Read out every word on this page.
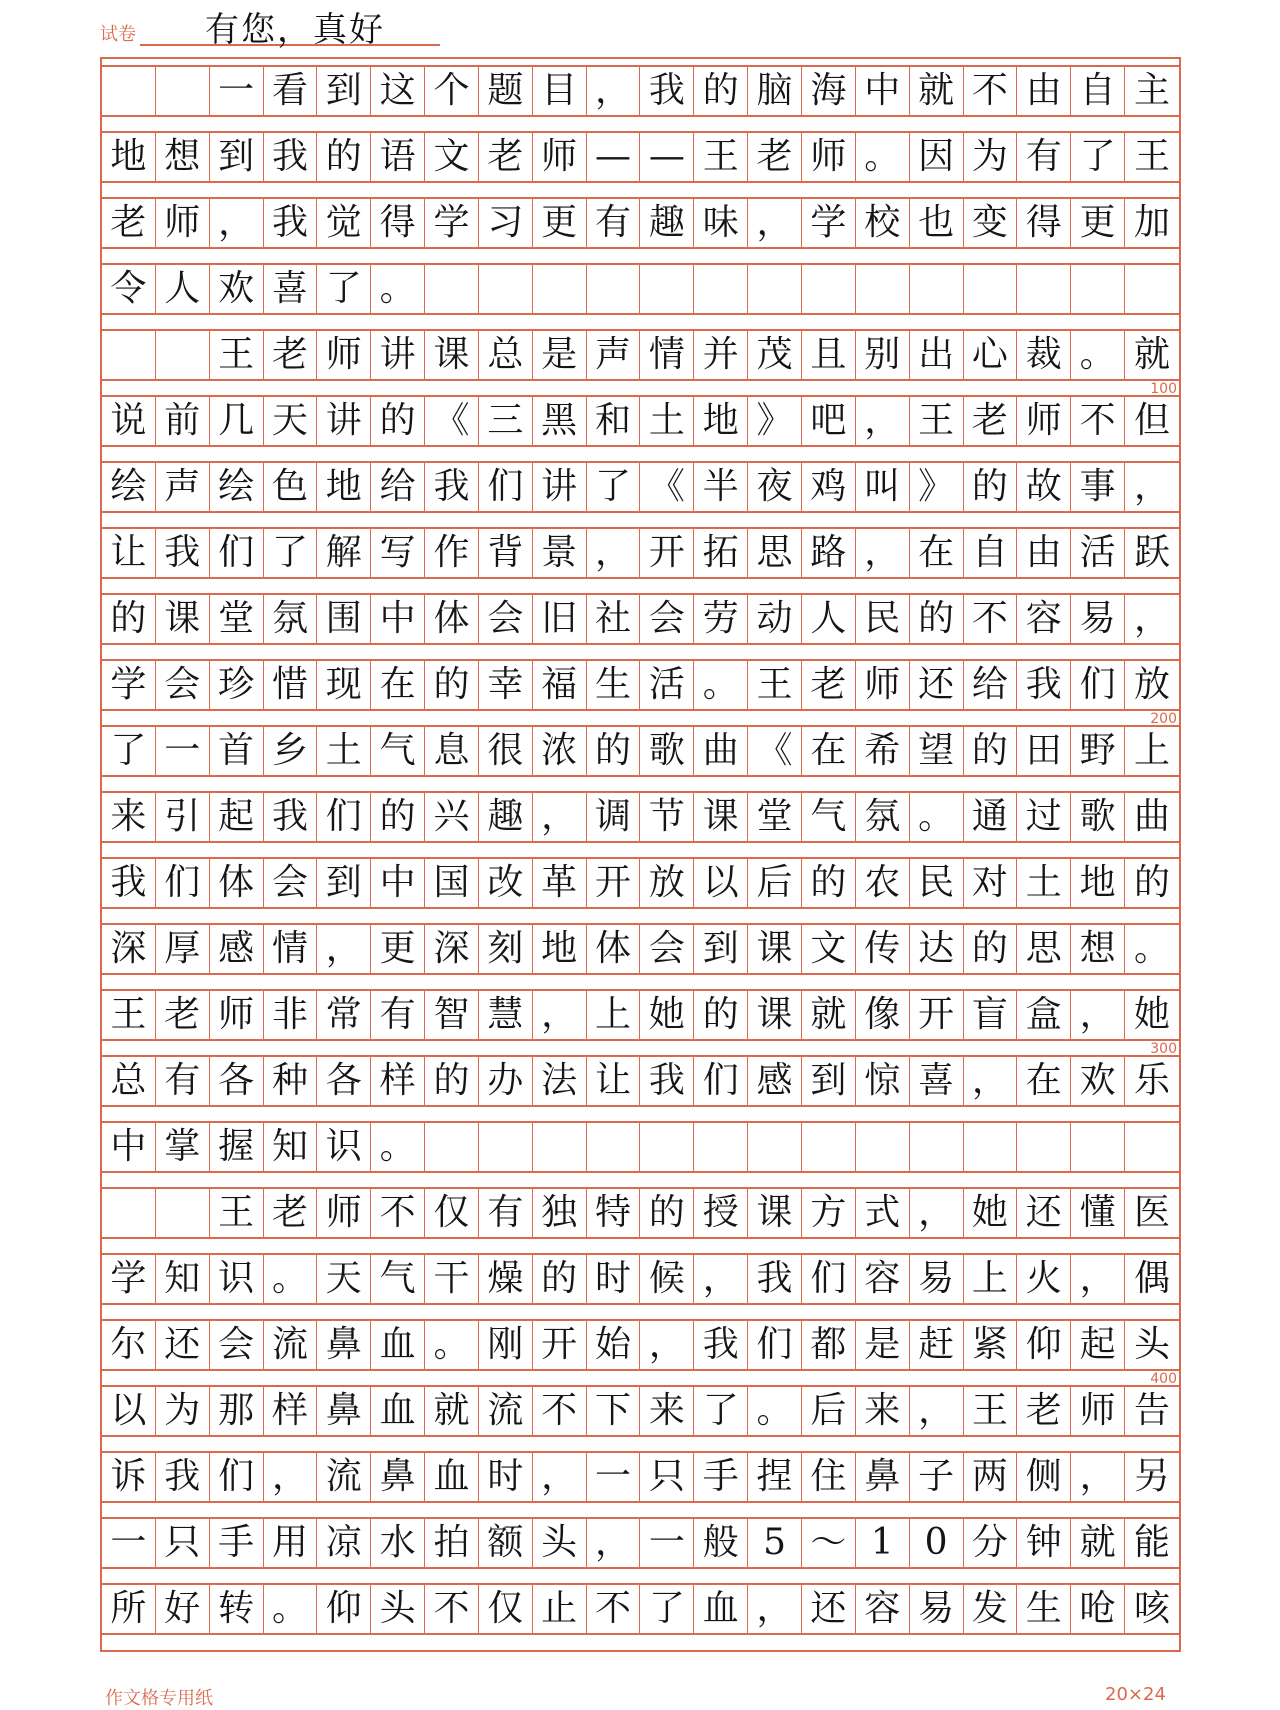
试卷 有您，真好
一 看 到 这 个 题 目 ， 我 的 脑 海 中 就 不 由 自 主
地 想 到 我 的 语 文 老 师 — — 王 老 师 。 因 为 有 了 王
老 师 ， 我 觉 得 学 习 更 有 趣 味 ， 学 校 也 变 得 更 加
令 人 欢 喜 了 。
王 老 师 讲 课 总 是 声 情 并 茂 且 别 出 心 裁 。 就
说 前 几 天 讲 的 《 三 黑 和 土 地 》 吧 ， 王 老 师 不 但
绘 声 绘 色 地 给 我 们 讲 了 《 半 夜 鸡 叫 》 的 故 事 ，
让 我 们 了 解 写 作 背 景 ， 开 拓 思 路 ， 在 自 由 活 跃
的 课 堂 氛 围 中 体 会 旧 社 会 劳 动 人 民 的 不 容 易 ，
学 会 珍 惜 现 在 的 幸 福 生 活 。 王 老 师 还 给 我 们 放
了 一 首 乡 土 气 息 很 浓 的 歌 曲 《 在 希 望 的 田 野 上
来 引 起 我 们 的 兴 趣 ， 调 节 课 堂 气 氛 。 通 过 歌 曲
我 们 体 会 到 中 国 改 革 开 放 以 后 的 农 民 对 土 地 的
深 厚 感 情 ， 更 深 刻 地 体 会 到 课 文 传 达 的 思 想 。
王 老 师 非 常 有 智 慧 ， 上 她 的 课 就 像 开 盲 盒 ， 她
总 有 各 种 各 样 的 办 法 让 我 们 感 到 惊 喜 ， 在 欢 乐
中 掌 握 知 识 。
王 老 师 不 仅 有 独 特 的 授 课 方 式 ， 她 还 懂 医
学 知 识 。 天 气 干 燥 的 时 候 ， 我 们 容 易 上 火 ， 偶
尔 还 会 流 鼻 血 。 刚 开 始 ， 我 们 都 是 赶 紧 仰 起 头
以 为 那 样 鼻 血 就 流 不 下 来 了 。 后 来 ， 王 老 师 告
诉 我 们 ， 流 鼻 血 时 ， 一 只 手 捏 住 鼻 子 两 侧 ， 另
一 只 手 用 凉 水 拍 额 头 ， 一 般 5 ～ 1 0 分 钟 就 能
所 好 转 。 仰 头 不 仅 止 不 了 血 ， 还 容 易 发 生 呛 咳
100
200
300
400
作文格专用纸	20×24
